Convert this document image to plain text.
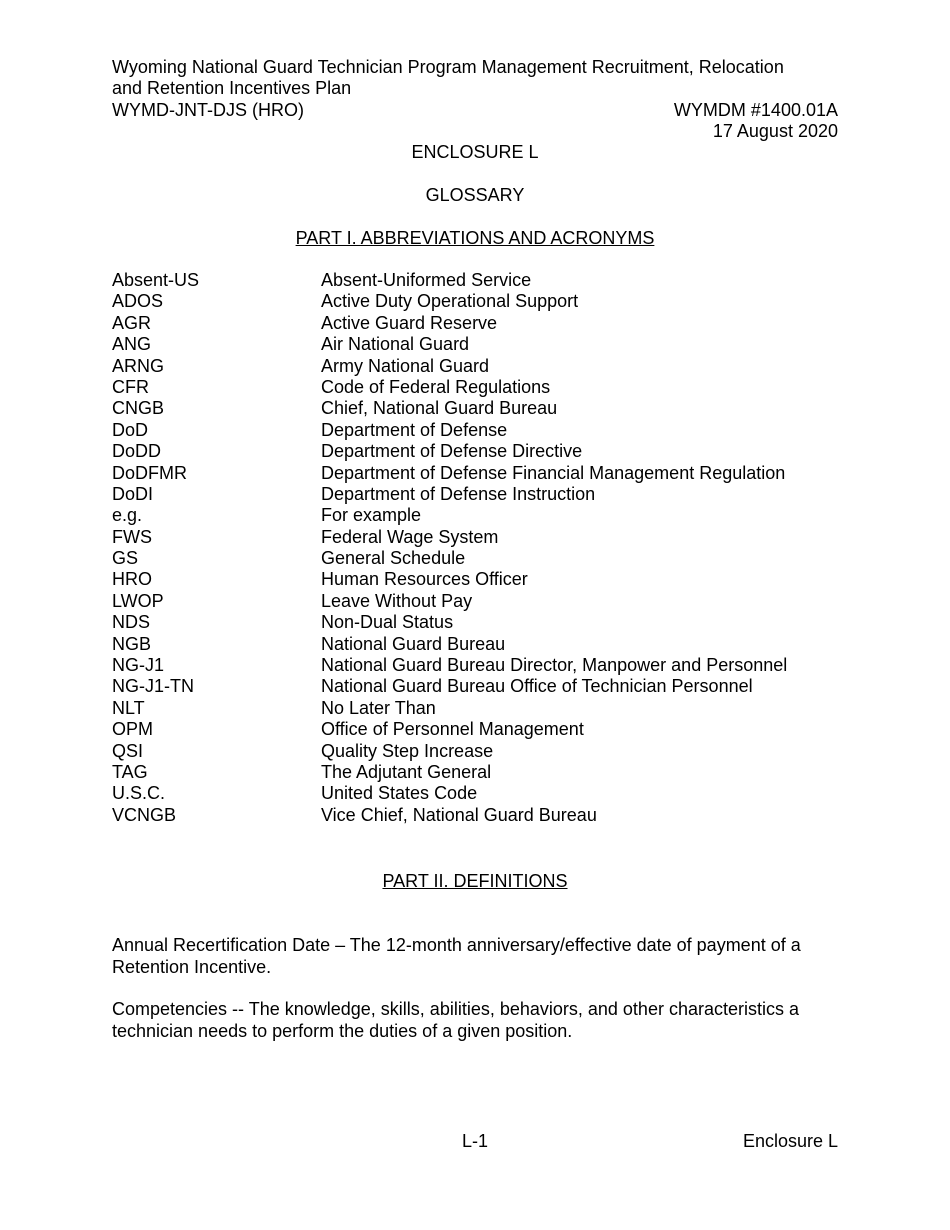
Wyoming National Guard Technician Program Management Recruitment, Relocation
and Retention Incentives Plan
WYMD-JNT-DJS (HRO)	WYMDM #1400.01A
17 August 2020
ENCLOSURE L
GLOSSARY
PART I. ABBREVIATIONS AND ACRONYMS
Absent-US	Absent-Uniformed Service
ADOS	Active Duty Operational Support
AGR	Active Guard Reserve
ANG	Air National Guard
ARNG	Army National Guard
CFR	Code of Federal Regulations
CNGB	Chief, National Guard Bureau
DoD	Department of Defense
DoDD	Department of Defense Directive
DoDFMR	Department of Defense Financial Management Regulation
DoDI	Department of Defense Instruction
e.g.	For example
FWS	Federal Wage System
GS	General Schedule
HRO	Human Resources Officer
LWOP	Leave Without Pay
NDS	Non-Dual Status
NGB	National Guard Bureau
NG-J1	National Guard Bureau Director, Manpower and Personnel
NG-J1-TN	National Guard Bureau Office of Technician Personnel
NLT	No Later Than
OPM	Office of Personnel Management
QSI	Quality Step Increase
TAG	The Adjutant General
U.S.C.	United States Code
VCNGB	Vice Chief, National Guard Bureau
PART II. DEFINITIONS
Annual Recertification Date – The 12-month anniversary/effective date of payment of a Retention Incentive.
Competencies -- The knowledge, skills, abilities, behaviors, and other characteristics a technician needs to perform the duties of a given position.
L-1	Enclosure L
